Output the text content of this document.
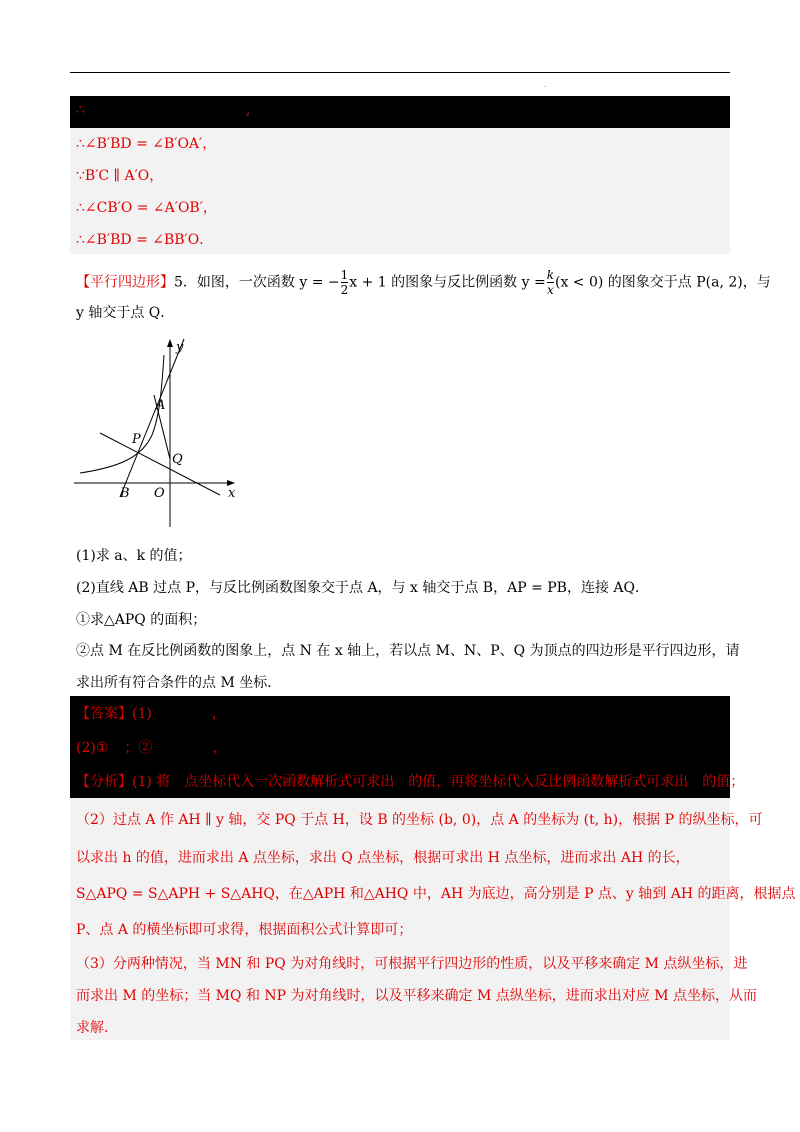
.
∴	,
∴∠B′BD = ∠B′OA′，
∵B′C ∥ A′O，
∴∠CB′O = ∠A′OB′，
∴∠B′BD = ∠BB′O．
【平行四边形】5．如图，一次函数 y = − $\frac{1}{2}$ x + 1 的图象与反比例函数 $y = \frac{k}{x} (x < 0)$ 的图象交于点 P(a, 2)，与
y 轴交于点 Q．
y
x
A
P
Q
B O
(1)求 a、k 的值；
(2)直线 AB 过点 P，与反比例函数图象交于点 A，与 x 轴交于点 B，AP = PB，连接 AQ．
①求△APQ 的面积；
②点 M 在反比例函数的图象上，点 N 在 x 轴上，若以点 M、N、P、Q 为顶点的四边形是平行四边形，请
求出所有符合条件的点 M 坐标．
【答案】(1)	，
(2)① ；②	，
【分析】(1) 将　点坐标代入一次函数解析式可求出　的值，再将坐标代入反比例函数解析式可求出　的值；
（2）过点 A 作 AH ∥ y 轴，交 PQ 于点 H，设 B 的坐标 (b, 0)，点 A 的坐标为 (t, h)，根据 P 的纵坐标，可
以求出 h 的值，进而求出 A 点坐标，求出 Q 点坐标，根据可求出 H 点坐标，进而求出 AH 的长，
S△APQ = S△APH + S△AHQ，在△APH 和△AHQ 中，AH 为底边，高分别是 P 点、y 轴到 AH 的距离，根据点
P、点 A 的横坐标即可求得，根据面积公式计算即可；
（3）分两种情况，当 MN 和 PQ 为对角线时，可根据平行四边形的性质，以及平移来确定 M 点纵坐标，进
而求出 M 的坐标；当 MQ 和 NP 为对角线时，以及平移来确定 M 点纵坐标，进而求出对应 M 点坐标，从而
求解．
